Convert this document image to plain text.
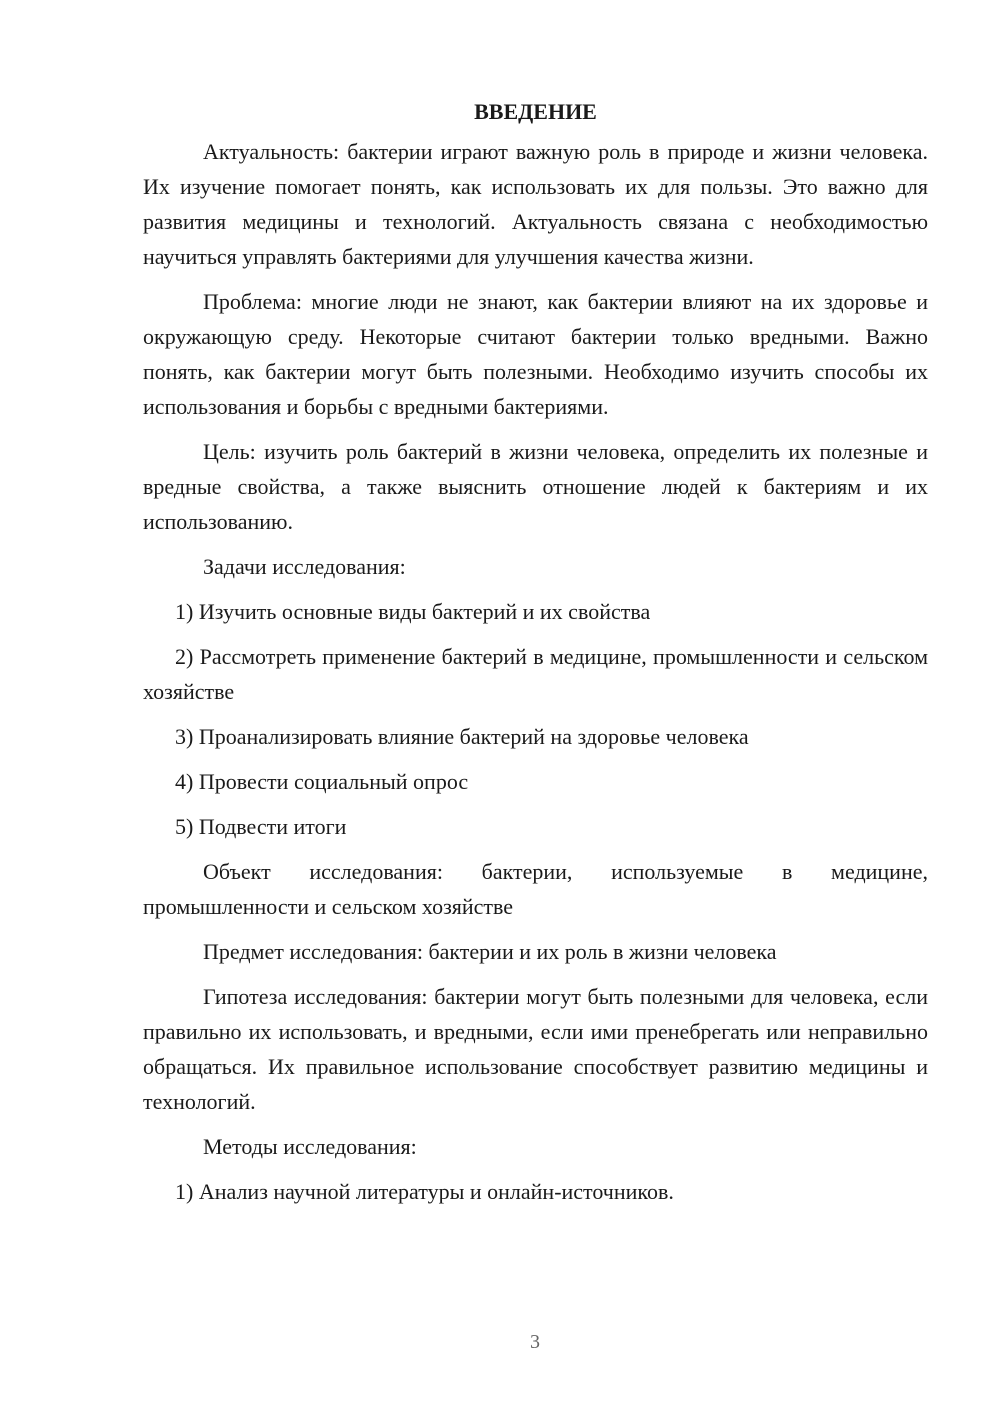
ВВЕДЕНИЕ

Актуальность: бактерии играют важную роль в природе и жизни человека. Их изучение помогает понять, как использовать их для пользы. Это важно для развития медицины и технологий. Актуальность связана с необходимостью научиться управлять бактериями для улучшения качества жизни.

Проблема: многие люди не знают, как бактерии влияют на их здоровье и окружающую среду. Некоторые считают бактерии только вредными. Важно понять, как бактерии могут быть полезными. Необходимо изучить способы их использования и борьбы с вредными бактериями.

Цель: изучить роль бактерий в жизни человека, определить их полезные и вредные свойства, а также выяснить отношение людей к бактериям и их использованию.

Задачи исследования:

1) Изучить основные виды бактерий и их свойства

2) Рассмотреть применение бактерий в медицине, промышленности и сельском хозяйстве

3) Проанализировать влияние бактерий на здоровье человека

4) Провести социальный опрос

5) Подвести итоги

Объект исследования: бактерии, используемые в медицине, промышленности и сельском хозяйстве

Предмет исследования: бактерии и их роль в жизни человека

Гипотеза исследования: бактерии могут быть полезными для человека, если правильно их использовать, и вредными, если ими пренебрегать или неправильно обращаться. Их правильное использование способствует развитию медицины и технологий.

Методы исследования:

1) Анализ научной литературы и онлайн-источников.

3
